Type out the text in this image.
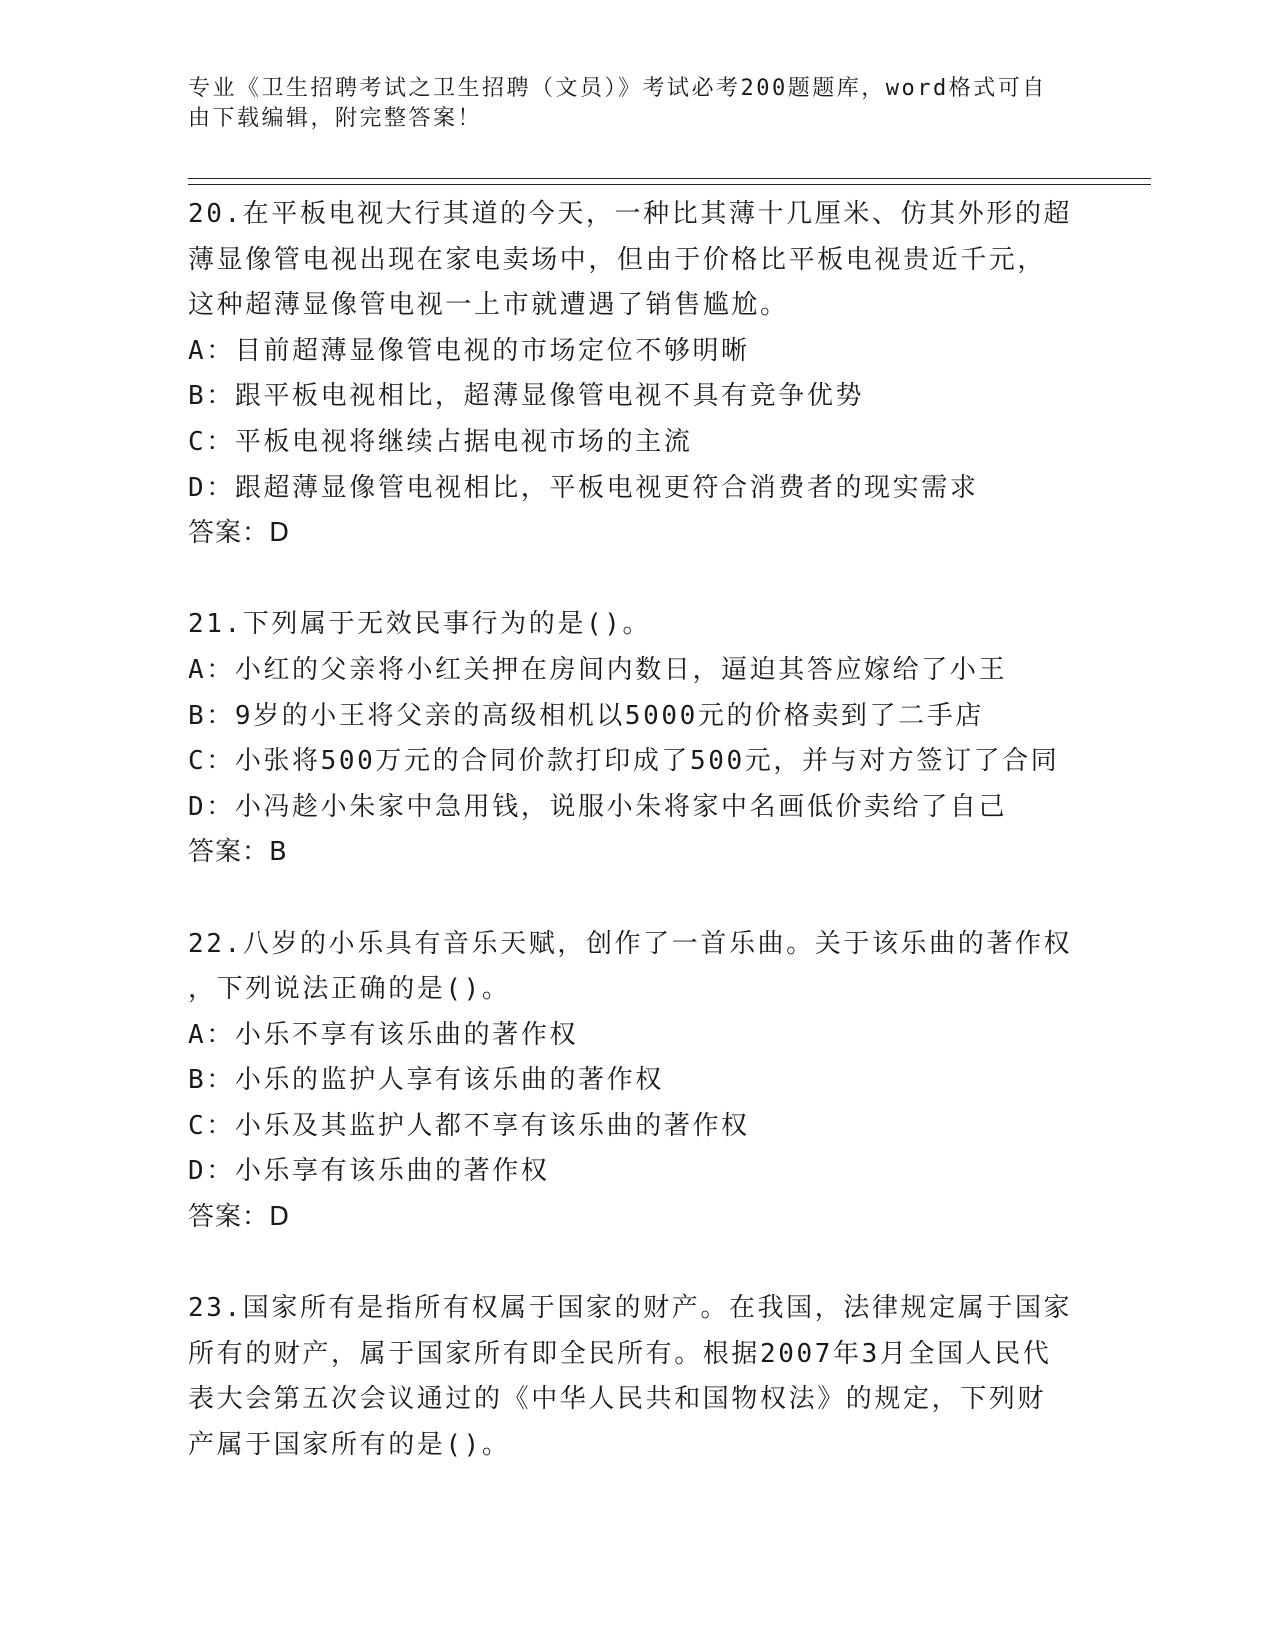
专业《卫生招聘考试之卫生招聘（文员）》考试必考200题题库，word格式可自由下载编辑，附完整答案！
20.在平板电视大行其道的今天，一种比其薄十几厘米、仿其外形的超
薄显像管电视出现在家电卖场中，但由于价格比平板电视贵近千元，
这种超薄显像管电视一上市就遭遇了销售尴尬。
A：目前超薄显像管电视的市场定位不够明晰
B：跟平板电视相比，超薄显像管电视不具有竞争优势
C：平板电视将继续占据电视市场的主流
D：跟超薄显像管电视相比，平板电视更符合消费者的现实需求
答案：D
21.下列属于无效民事行为的是()。
A：小红的父亲将小红关押在房间内数日，逼迫其答应嫁给了小王
B：9岁的小王将父亲的高级相机以5000元的价格卖到了二手店
C：小张将500万元的合同价款打印成了500元，并与对方签订了合同
D：小冯趁小朱家中急用钱，说服小朱将家中名画低价卖给了自己
答案：B
22.八岁的小乐具有音乐天赋，创作了一首乐曲。关于该乐曲的著作权
，下列说法正确的是()。
A：小乐不享有该乐曲的著作权
B：小乐的监护人享有该乐曲的著作权
C：小乐及其监护人都不享有该乐曲的著作权
D：小乐享有该乐曲的著作权
答案：D
23.国家所有是指所有权属于国家的财产。在我国，法律规定属于国家
所有的财产，属于国家所有即全民所有。根据2007年3月全国人民代
表大会第五次会议通过的《中华人民共和国物权法》的规定，下列财
产属于国家所有的是()。
